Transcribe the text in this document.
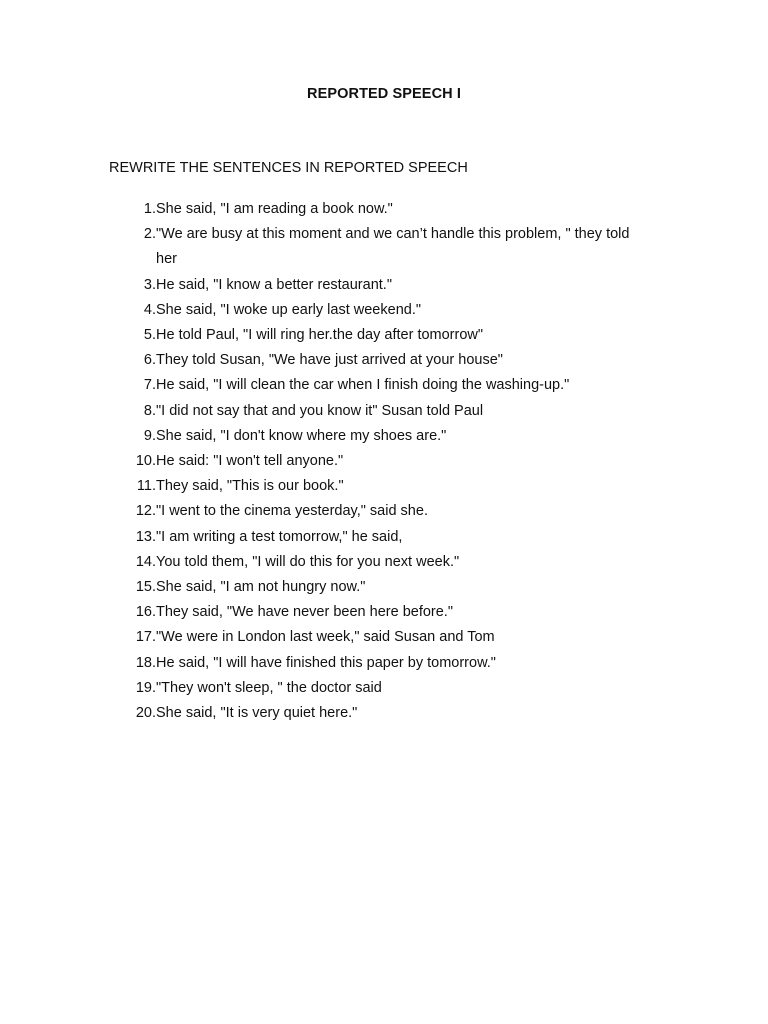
REPORTED SPEECH I
REWRITE THE SENTENCES IN REPORTED SPEECH
1. She said, "I am reading a book now."
2. "We are busy at this moment and we can’t handle this problem, " they told her
3. He said, "I know a better restaurant."
4. She said, "I woke up early last weekend."
5. He told Paul, "I will ring her.the day after tomorrow"
6. They told Susan, "We have just arrived at your house"
7. He said, "I will clean the car when I finish doing the washing-up."
8. "I did not say that and you know it" Susan told Paul
9. She said, "I don't know where my shoes are."
10. He said: "I won't tell anyone."
11. They said, "This is our book."
12. "I went to the cinema yesterday," said she.
13. "I am writing a test tomorrow," he said,
14. You told them, "I will do this for you next week."
15. She said, "I am not hungry now."
16. They said, "We have never been here before."
17. "We were in London last week," said Susan and Tom
18. He said, "I will have finished this paper by tomorrow."
19. "They won't sleep, " the doctor said
20. She said, "It is very quiet here."
